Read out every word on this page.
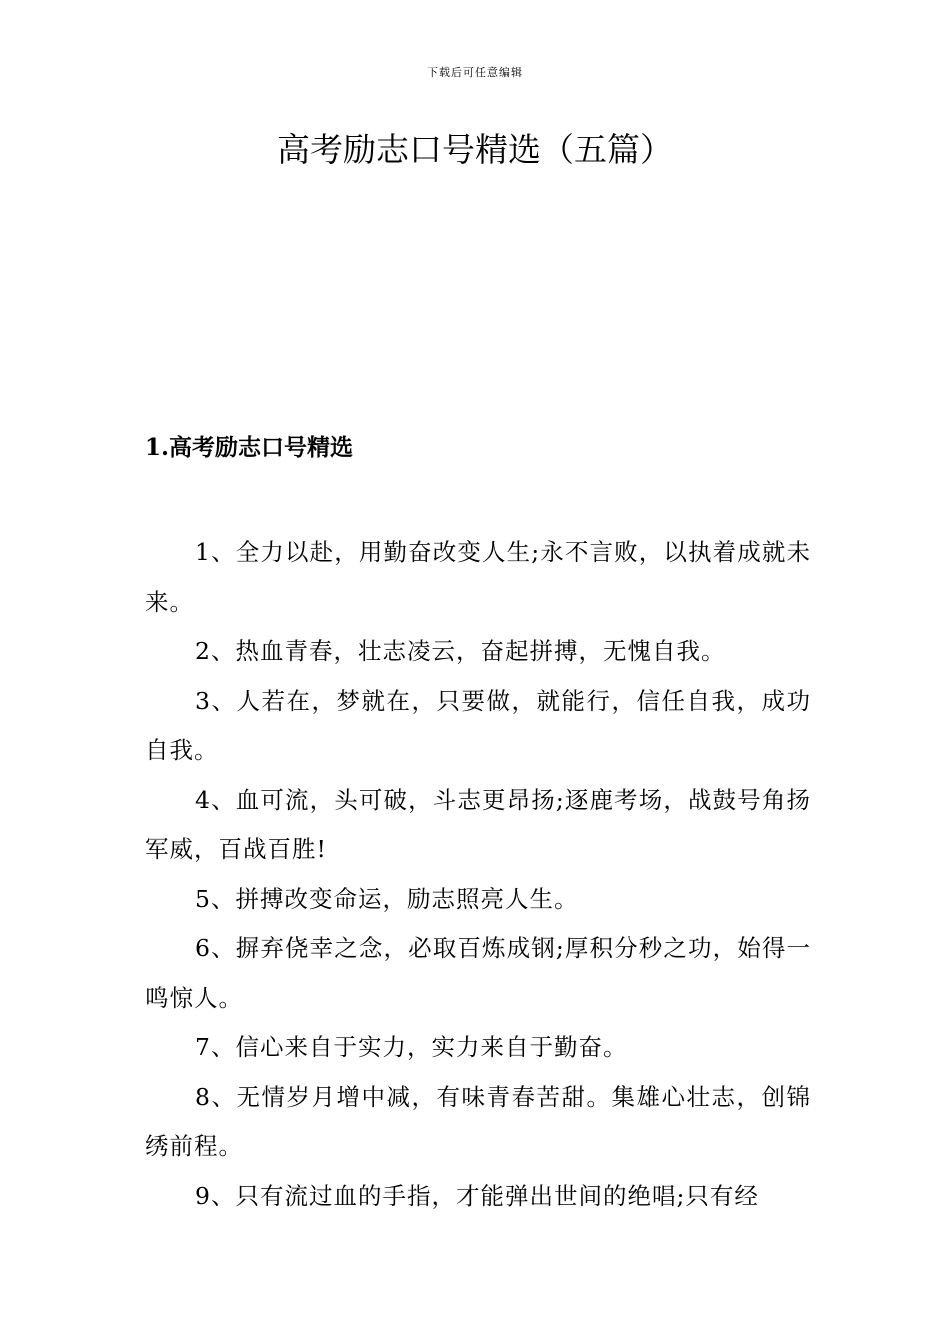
下载后可任意编辑
高考励志口号精选（五篇）
1.高考励志口号精选
1、全力以赴，用勤奋改变人生;永不言败，以执着成就未来。
2、热血青春，壮志凌云，奋起拼搏，无愧自我。
3、人若在，梦就在，只要做，就能行，信任自我，成功自我。
4、血可流，头可破，斗志更昂扬;逐鹿考场，战鼓号角扬军威，百战百胜!
5、拼搏改变命运，励志照亮人生。
6、摒弃侥幸之念，必取百炼成钢;厚积分秒之功，始得一鸣惊人。
7、信心来自于实力，实力来自于勤奋。
8、无情岁月增中减，有味青春苦甜。集雄心壮志，创锦绣前程。
9、只有流过血的手指，才能弹出世间的绝唱;只有经
